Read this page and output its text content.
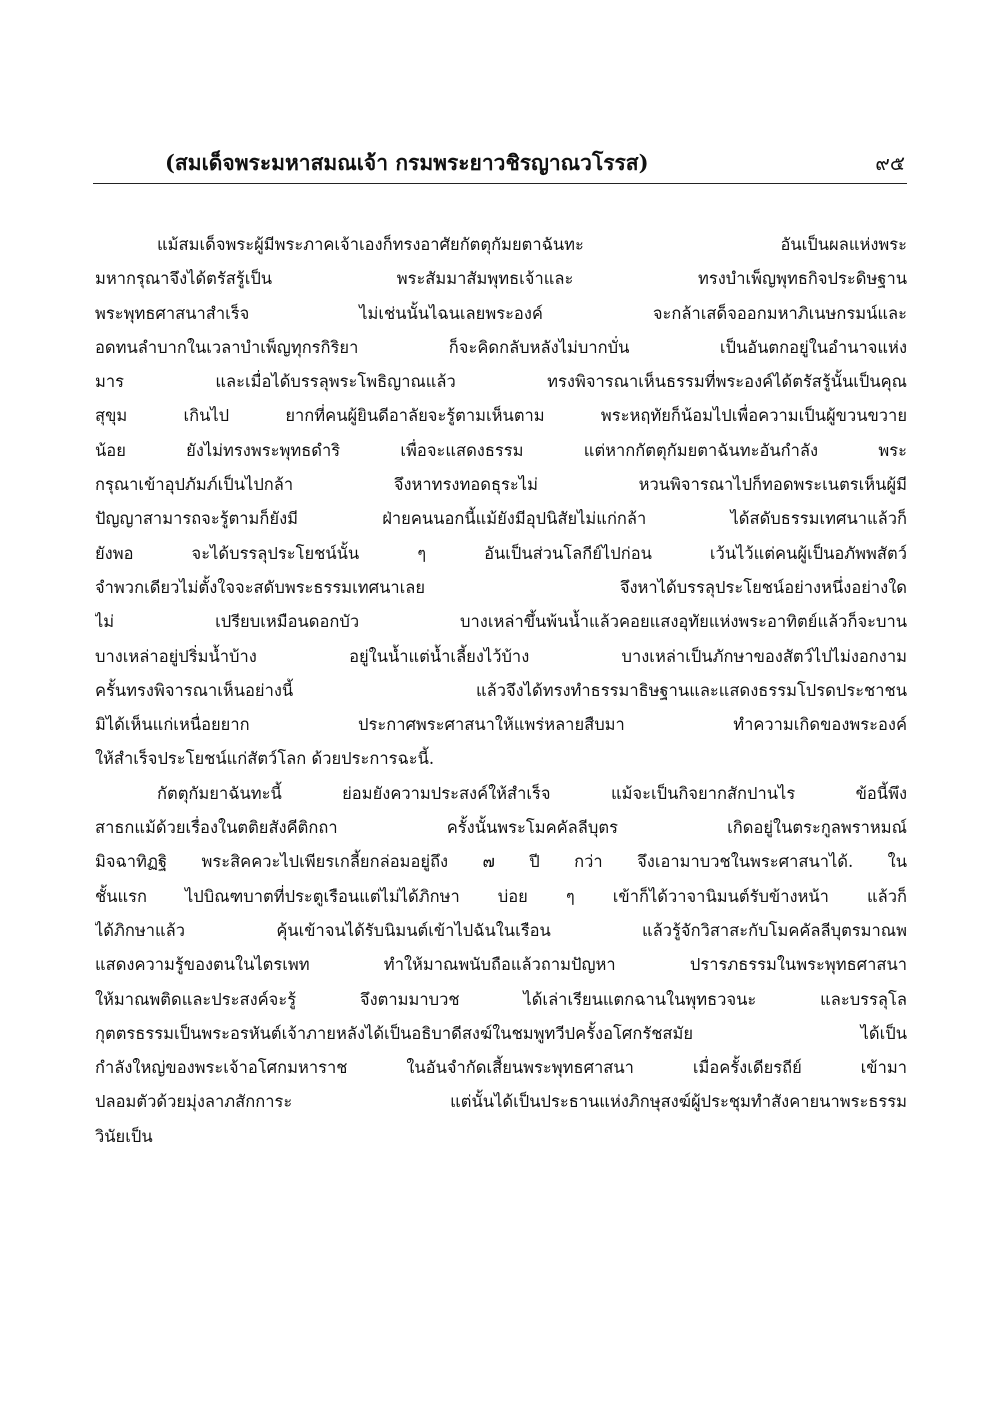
(สมเด็จพระมหาสมณเจ้า กรมพระยาวชิรญาณวโรรส)	๙๕
แม้สมเด็จพระผู้มีพระภาคเจ้าเองก็ทรงอาศัยกัตตุกัมยตาฉันทะ อันเป็นผลแห่งพระ
มหากรุณาจึงได้ตรัสรู้เป็น พระสัมมาสัมพุทธเจ้าและ ทรงบำเพ็ญพุทธกิจประดิษฐาน
พระพุทธศาสนาสำเร็จ ไม่เช่นนั้นไฉนเลยพระองค์ จะกล้าเสด็จออกมหาภิเนษกรมน์และ
อดทนลำบากในเวลาบำเพ็ญทุกรกิริยา ก็จะคิดกลับหลังไม่บากบั่น เป็นอันตกอยู่ในอำนาจแห่ง
มาร และเมื่อได้บรรลุพระโพธิญาณแล้ว ทรงพิจารณาเห็นธรรมที่พระองค์ได้ตรัสรู้นั้นเป็นคุณ
สุขุม เกินไป ยากที่คนผู้ยินดีอาลัยจะรู้ตามเห็นตาม พระหฤทัยก็น้อมไปเพื่อความเป็นผู้ขวนขวาย
น้อย ยังไม่ทรงพระพุทธดำริ เพื่อจะแสดงธรรม แต่หากกัตตุกัมยตาฉันทะอันกำลัง พระ
กรุณาเข้าอุปภัมภ์เป็นไปกล้า จึงหาทรงทอดธุระไม่ หวนพิจารณาไปก็ทอดพระเนตรเห็นผู้มี
ปัญญาสามารถจะรู้ตามก็ยังมี ฝ่ายคนนอกนี้แม้ยังมีอุปนิสัยไม่แก่กล้า ได้สดับธรรมเทศนาแล้วก็
ยังพอ จะได้บรรลุประโยชน์นั้น ๆ อันเป็นส่วนโลกีย์ไปก่อน เว้นไว้แต่คนผู้เป็นอภัพพสัตว์
จำพวกเดียวไม่ตั้งใจจะสดับพระธรรมเทศนาเลย จึงหาได้บรรลุประโยชน์อย่างหนึ่งอย่างใด
ไม่ เปรียบเหมือนดอกบัว บางเหล่าขึ้นพ้นน้ำแล้วคอยแสงอุทัยแห่งพระอาทิตย์แล้วก็จะบาน
บางเหล่าอยู่ปริ่มน้ำบ้าง อยู่ในน้ำแต่น้ำเลี้ยงไว้บ้าง บางเหล่าเป็นภักษาของสัตว์ไปไม่งอกงาม
ครั้นทรงพิจารณาเห็นอย่างนี้ แล้วจึงได้ทรงทำธรรมาธิษฐานและแสดงธรรมโปรดประชาชน
มิได้เห็นแก่เหนื่อยยาก ประกาศพระศาสนาให้แพร่หลายสืบมา ทำความเกิดของพระองค์
ให้สำเร็จประโยชน์แก่สัตว์โลก ด้วยประการฉะนี้.
กัตตุกัมยาฉันทะนี้ ย่อมยังความประสงค์ให้สำเร็จ แม้จะเป็นกิจยากสักปานไร ข้อนี้พึง
สาธกแม้ด้วยเรื่องในตติยสังคีติกถา ครั้งนั้นพระโมคคัลลีบุตร เกิดอยู่ในตระกูลพราหมณ์
มิจฉาทิฏฐิ พระสิคควะไปเพียรเกลี้ยกล่อมอยู่ถึง ๗ ปี กว่า จึงเอามาบวชในพระศาสนาได้. ใน
ชั้นแรก ไปบิณฑบาตที่ประตูเรือนแต่ไม่ได้ภิกษา บ่อย ๆ เข้าก็ได้วาจานิมนต์รับข้างหน้า แล้วก็
ได้ภิกษาแล้ว คุ้นเข้าจนได้รับนิมนต์เข้าไปฉันในเรือน แล้วรู้จักวิสาสะกับโมคคัลลีบุตรมาณพ
แสดงความรู้ของตนในไตรเพท ทำให้มาณพนับถือแล้วถามปัญหา ปรารภธรรมในพระพุทธศาสนา
ให้มาณพติดและประสงค์จะรู้ จึงตามมาบวช ได้เล่าเรียนแตกฉานในพุทธวจนะ และบรรลุโล
กุตตรธรรมเป็นพระอรหันต์เจ้าภายหลังได้เป็นอธิบาดีสงฆ์ในชมพูทวีปครั้งอโศกรัชสมัย ได้เป็น
กำลังใหญ่ของพระเจ้าอโศกมหาราช ในอันจำกัดเสี้ยนพระพุทธศาสนา เมื่อครั้งเดียรถีย์ เข้ามา
ปลอมตัวด้วยมุ่งลาภสักการะ แต่นั้นได้เป็นประธานแห่งภิกษุสงฆ์ผู้ประชุมทำสังคายนาพระธรรม
วินัยเป็น
